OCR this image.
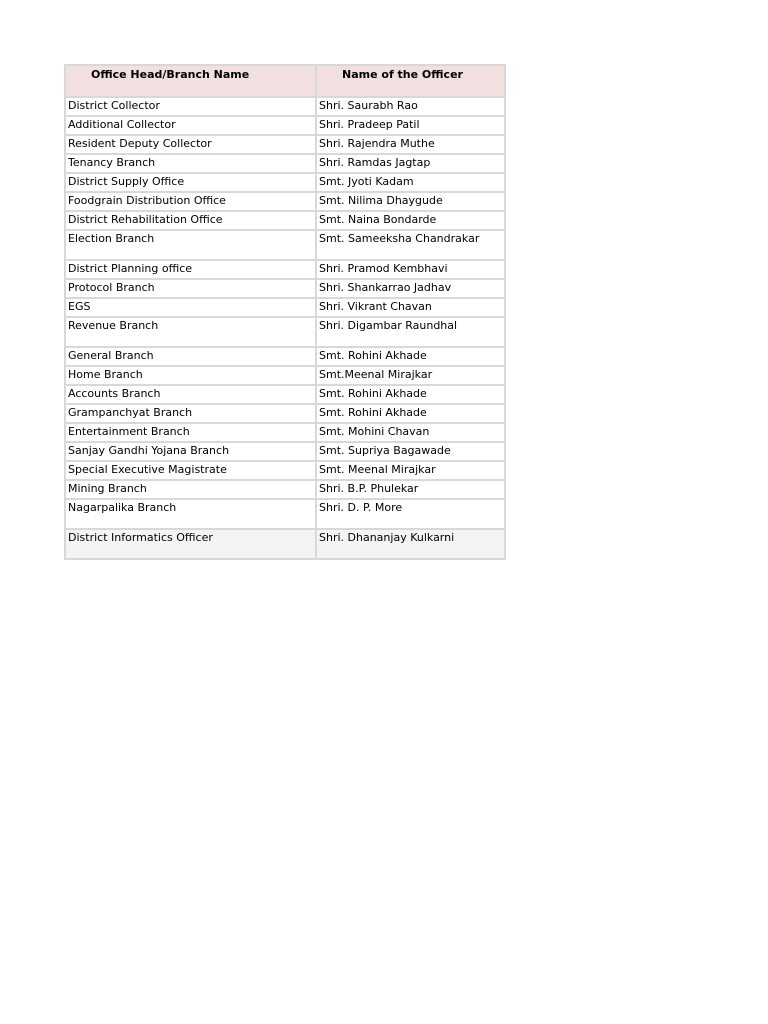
Office Head/Branch Name	Name of the Officer
District Collector	Shri. Saurabh Rao
Additional Collector	Shri. Pradeep Patil
Resident Deputy Collector	Shri. Rajendra Muthe
Tenancy Branch	Shri. Ramdas Jagtap
District Supply Office	Smt. Jyoti Kadam
Foodgrain Distribution Office	Smt. Nilima Dhaygude
District Rehabilitation Office	Smt. Naina Bondarde
Election Branch	Smt. Sameeksha Chandrakar
District Planning office	Shri. Pramod Kembhavi
Protocol Branch	Shri. Shankarrao Jadhav
EGS	Shri. Vikrant Chavan
Revenue Branch	Shri. Digambar Raundhal
General Branch	Smt. Rohini Akhade
Home Branch	Smt.Meenal Mirajkar
Accounts Branch	Smt. Rohini Akhade
Grampanchyat Branch	Smt. Rohini Akhade
Entertainment Branch	Smt. Mohini Chavan
Sanjay Gandhi Yojana Branch	Smt. Supriya Bagawade
Special Executive Magistrate	Smt. Meenal Mirajkar
Mining Branch	Shri. B.P. Phulekar
Nagarpalika Branch	Shri. D. P. More
District Informatics Officer	Shri. Dhananjay Kulkarni
